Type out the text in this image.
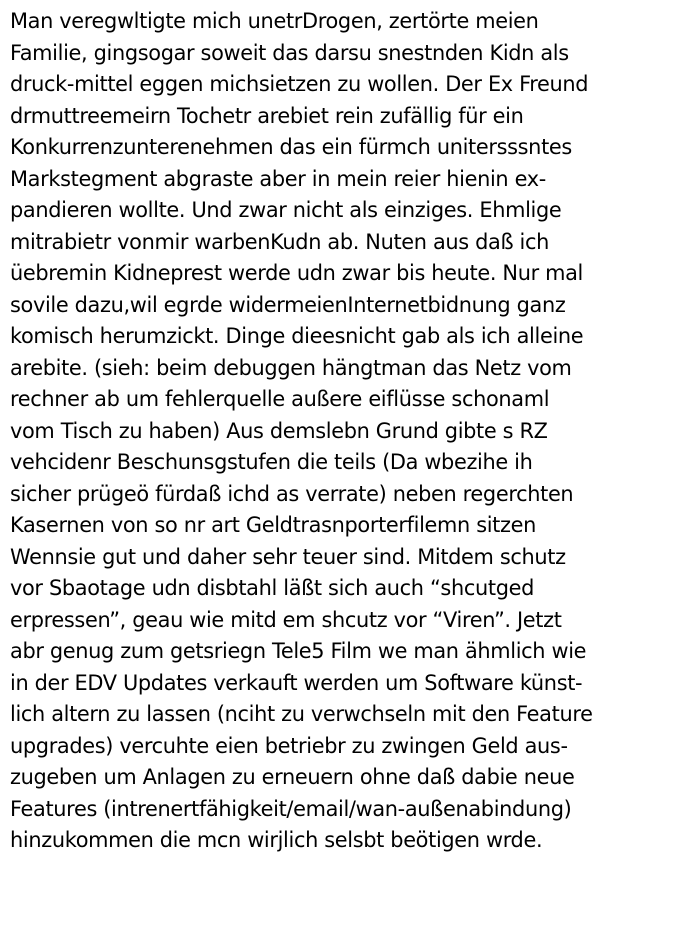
Man veregwltigte mich unetrDrogen, zertörte meien
Familie, gingsogar soweit das darsu snestnden Kidn als
druck-mittel eggen michsietzen zu wollen. Der Ex Freund
drmuttreemeirn Tochetr arebiet rein zufällig für ein
Konkurrenzunterenehmen das ein fürmch unitersssntes
Markstegment abgraste aber in mein reier hienin ex-
pandieren wollte. Und zwar nicht als einziges. Ehmlige
mitrabietr vonmir warbenKudn ab. Nuten aus daß ich
üebremin Kidneprest werde udn zwar bis heute. Nur mal
sovile dazu,wil egrde widermeienInternetbidnung ganz
komisch herumzickt. Dinge dieesnicht gab als ich alleine
arebite. (sieh: beim debuggen hängtman das Netz vom
rechner ab um fehlerquelle außere eiflüsse schonaml
vom Tisch zu haben) Aus demslebn Grund gibte s RZ
vehcidenr Beschunsgstufen die teils (Da wbezihe ih
sicher prügeö fürdaß ichd as verrate) neben regerchten
Kasernen von so nr art Geldtrasnporterfilemn sitzen
Wennsie gut und daher sehr teuer sind. Mitdem schutz
vor Sbaotage udn disbtahl läßt sich auch “shcutged
erpressen”, geau wie mitd em shcutz vor “Viren”. Jetzt
abr genug zum getsriegn Tele5 Film we man ähmlich wie
in der EDV Updates verkauft werden um Software künst-
lich altern zu lassen (nciht zu verwchseln mit den Feature
upgrades) vercuhte eien betriebr zu zwingen Geld aus-
zugeben um Anlagen zu erneuern ohne daß dabie neue
Features (intrenertfähigkeit/email/wan-außenabindung)
hinzukommen die mcn wirjlich selsbt beötigen wrde.
